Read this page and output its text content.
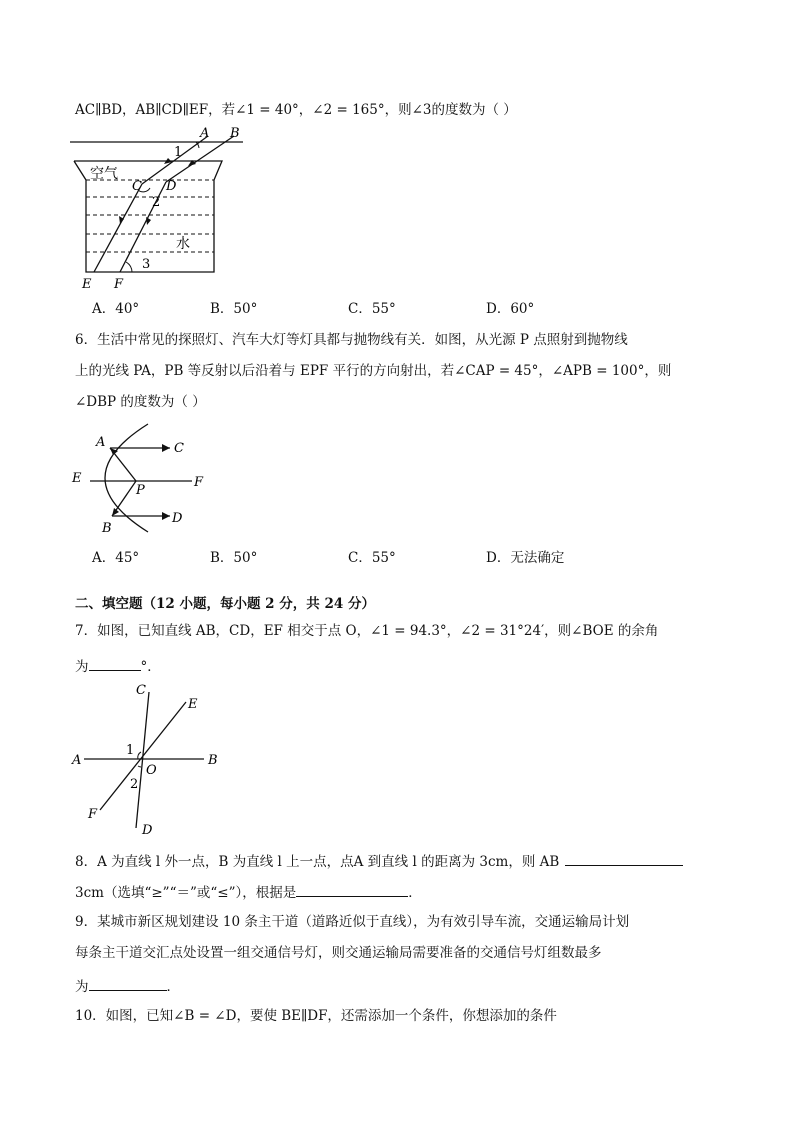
AC∥BD，AB∥CD∥EF，若∠1 = 40°，∠2 = 165°，则∠3的度数为（ ）
A B
1
空气
C D
2
水
3
E F
A．40°	B．50°	C．55°	D．60°
6．生活中常见的探照灯、汽车大灯等灯具都与抛物线有关．如图，从光源 P 点照射到抛物线
上的光线 PA，PB 等反射以后沿着与 EPF 平行的方向射出，若∠CAP = 45°，∠APB = 100°，则
∠DBP 的度数为（ ）
A	C
E
P
F
D
B
A．45°	B．50°	C．55°	D．无法确定
二、填空题（12 小题，每小题 2 分，共 24 分）
7．如图，已知直线 AB，CD，EF 相交于点 O，∠1 = 94.3°，∠2 = 31°24′，则∠BOE 的余角
为	°．
C
E
1
A
O
B
2
F
D
8．A 为直线 l 外一点，B 为直线 l 上一点，点A 到直线 l 的距离为 3cm，则 AB
3cm（选填“≥”“＝”或“≤”），根据是	．
9．某城市新区规划建设 10 条主干道（道路近似于直线），为有效引导车流，交通运输局计划
每条主干道交汇点处设置一组交通信号灯，则交通运输局需要准备的交通信号灯组数最多
为	．
10．如图，已知∠B = ∠D，要使 BE∥DF，还需添加一个条件，你想添加的条件
